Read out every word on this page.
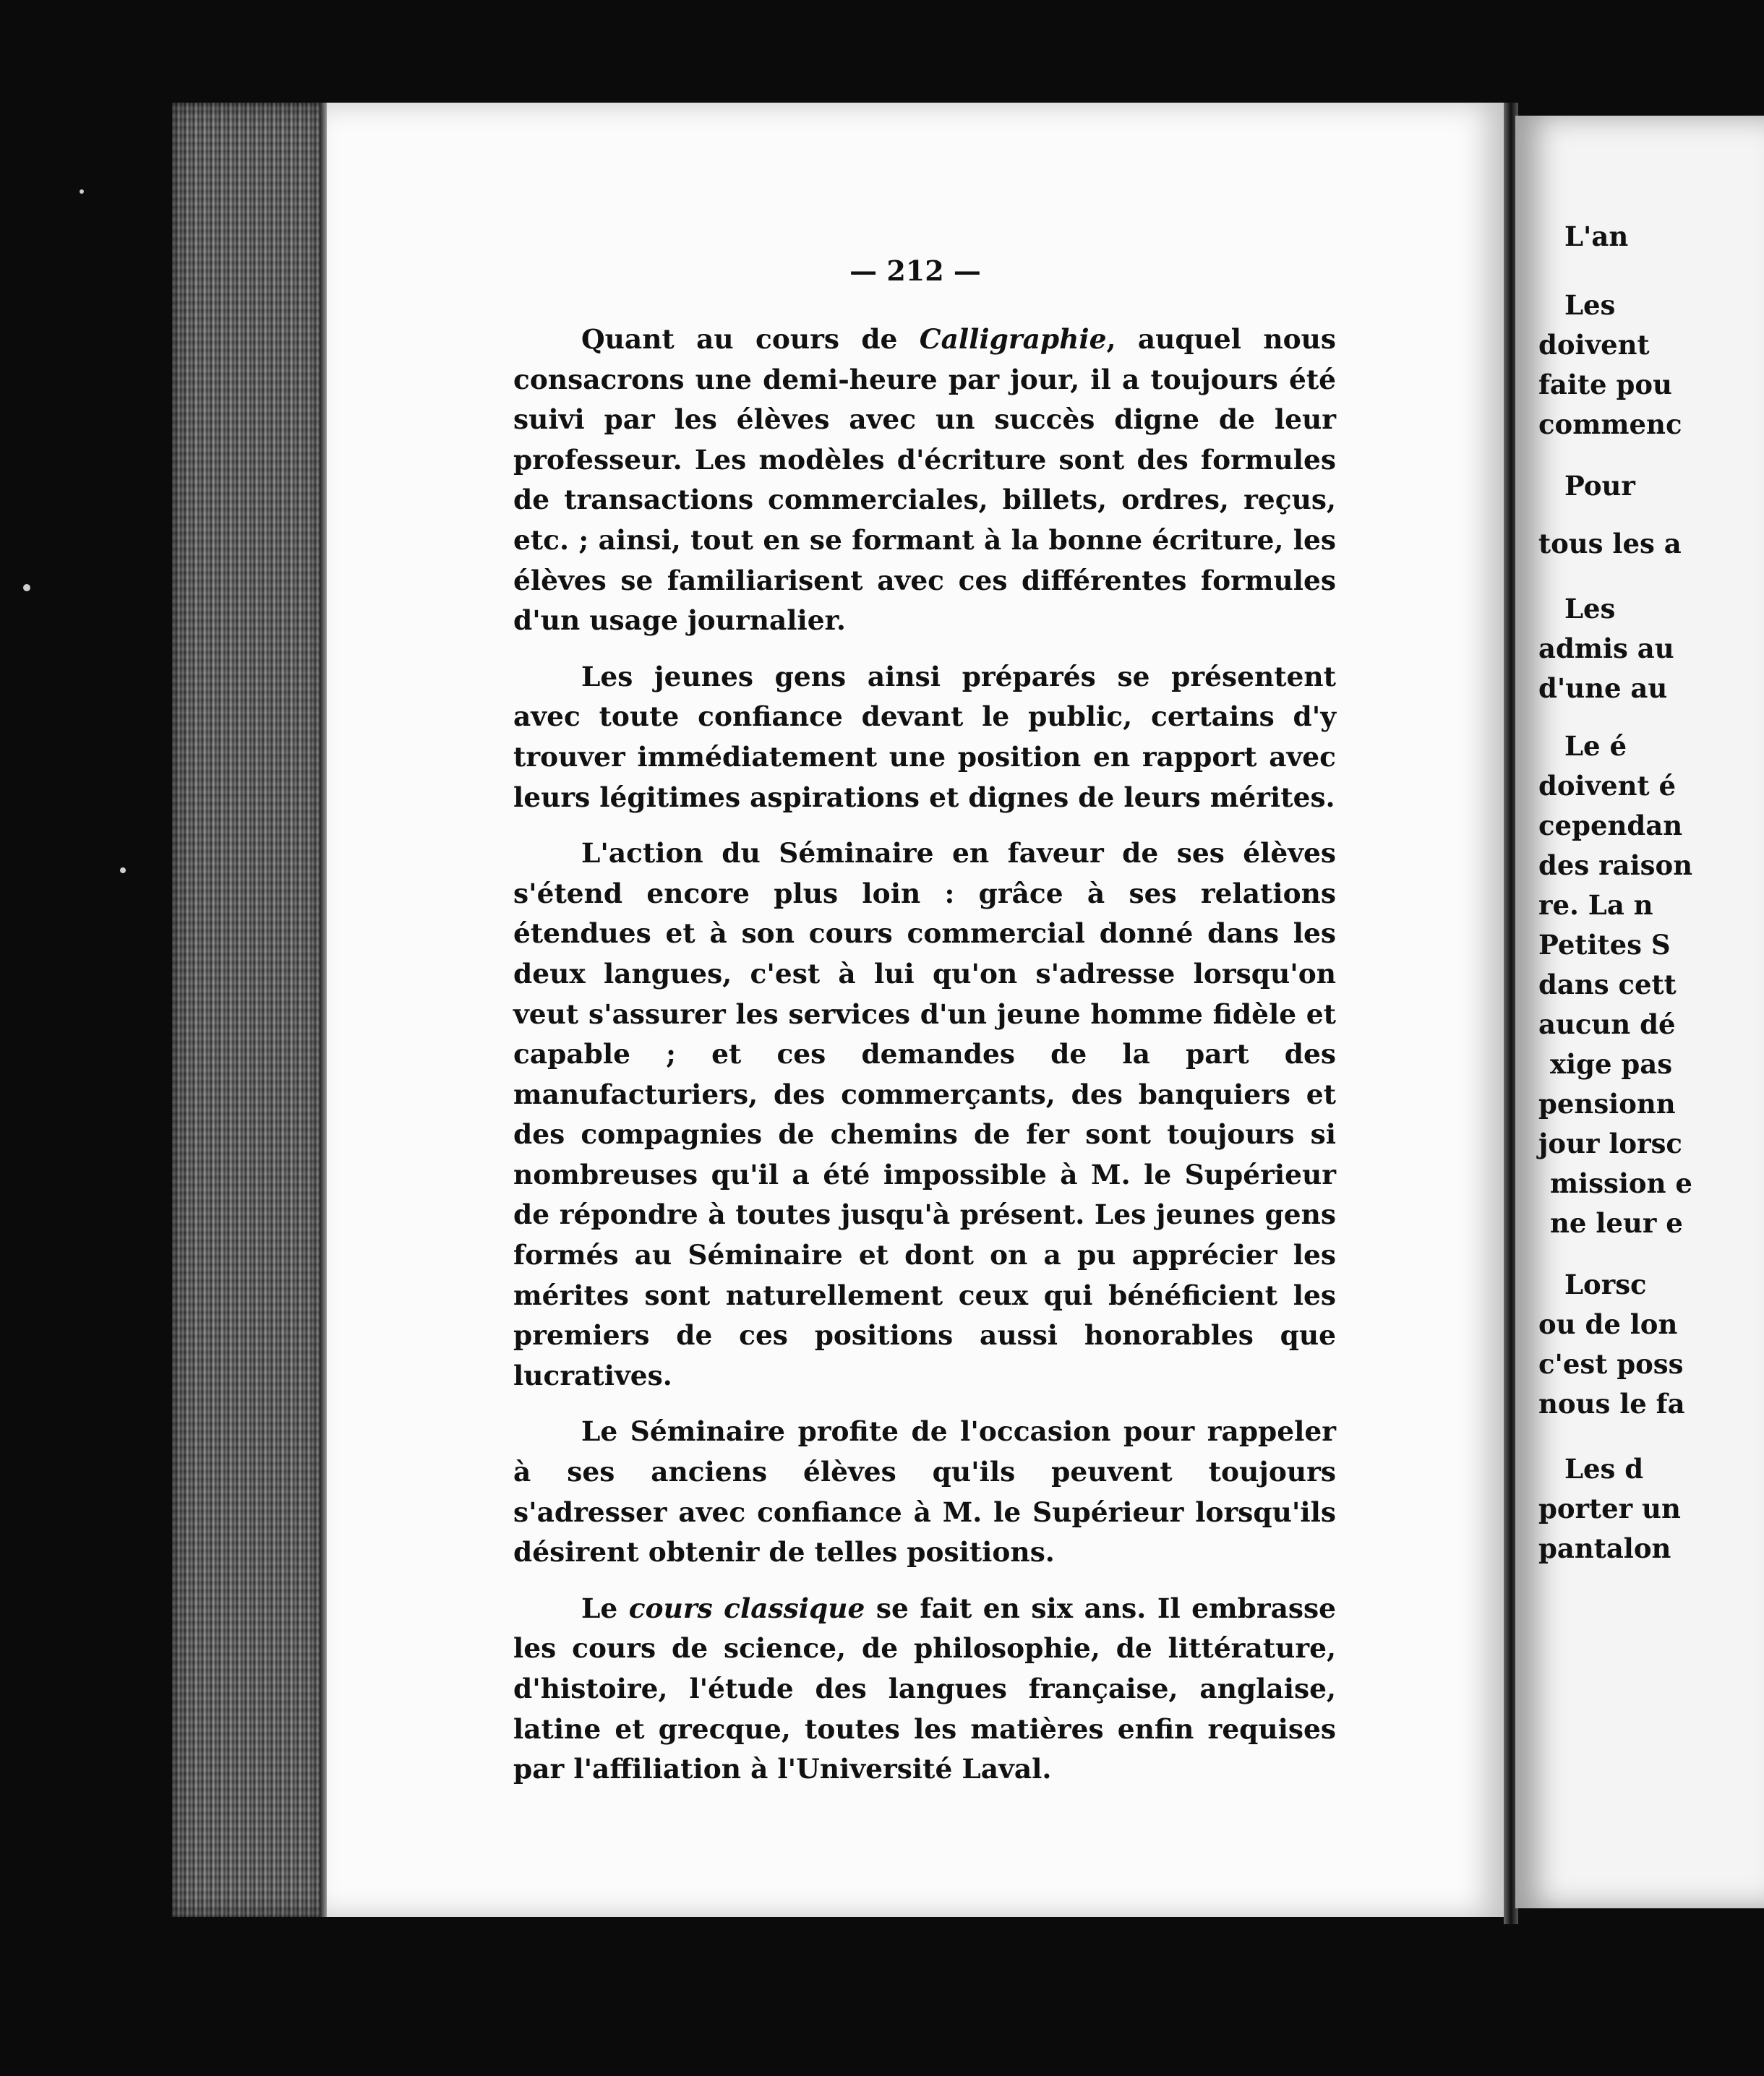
— 212 —

Quant au cours de Calligraphie, auquel nous consacrons une demi-heure par jour, il a toujours été suivi par les élèves avec un succès digne de leur professeur. Les modèles d'écriture sont des formules de transactions commerciales, billets, ordres, reçus, etc. ; ainsi, tout en se formant à la bonne écriture, les élèves se familiarisent avec ces différentes formules d'un usage journalier.

Les jeunes gens ainsi préparés se présentent avec toute confiance devant le public, certains d'y trouver immédiatement une position en rapport avec leurs légitimes aspirations et dignes de leurs mérites.

L'action du Séminaire en faveur de ses élèves s'étend encore plus loin : grâce à ses relations étendues et à son cours commercial donné dans les deux langues, c'est à lui qu'on s'adresse lorsqu'on veut s'assurer les services d'un jeune homme fidèle et capable ; et ces demandes de la part des manufacturiers, des commerçants, des banquiers et des compagnies de chemins de fer sont toujours si nombreuses qu'il a été impossible à M. le Supérieur de répondre à toutes jusqu'à présent. Les jeunes gens formés au Séminaire et dont on a pu apprécier les mérites sont naturellement ceux qui bénéficient les premiers de ces positions aussi honorables que lucratives.

Le Séminaire profite de l'occasion pour rappeler à ses anciens élèves qu'ils peuvent toujours s'adresser avec confiance à M. le Supérieur lorsqu'ils désirent obtenir de telles positions.

Le cours classique se fait en six ans. Il embrasse les cours de science, de philosophie, de littérature, d'histoire, l'étude des langues française, anglaise, latine et grecque, toutes les matières enfin requises par l'affiliation à l'Université Laval.

L'an
Les
doivent
faite pou
commenc
Pour
tous les a
Les
admis au
d'une au
Le é
doivent é
cependan
des raison
re. La n
Petites S
dans cett
aucun dé
xige pas
pensionn
jour lorsc
mission e
ne leur e
Lorsc
ou de lon
c'est poss
nous le fa
Les d
porter un
pantalon
